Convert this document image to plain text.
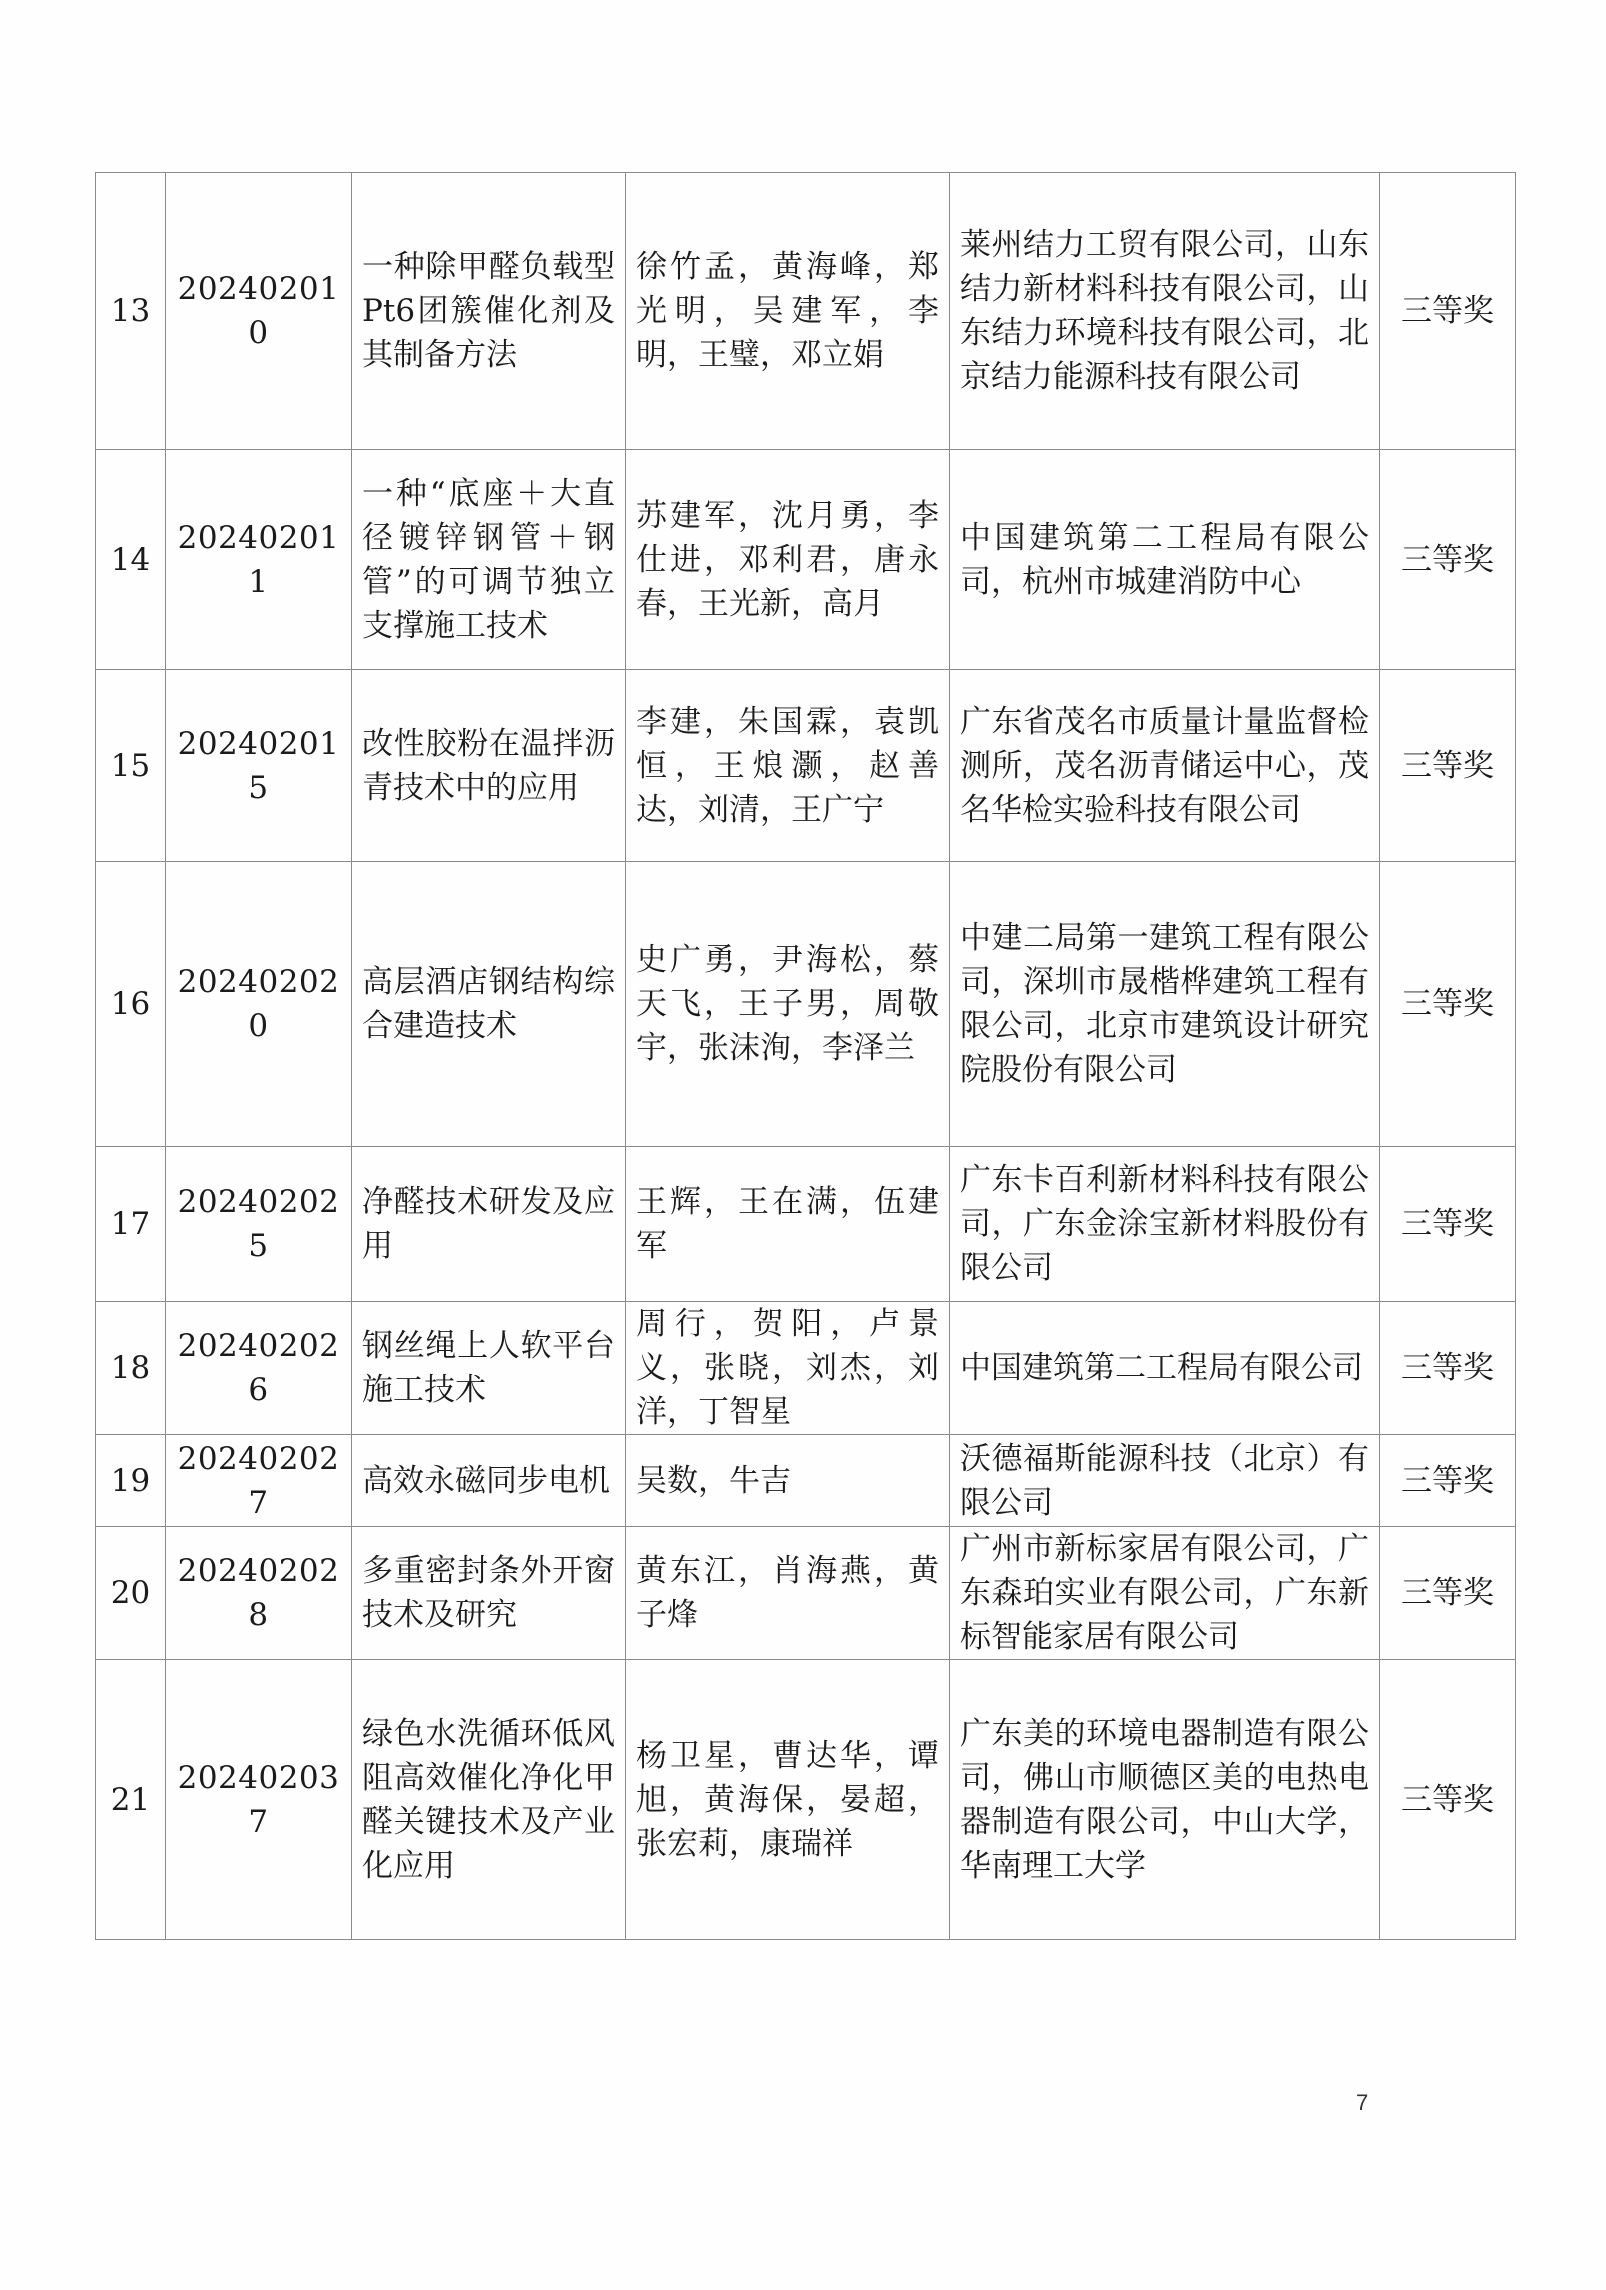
13	202402010	一种除甲醛负载型Pt6团簇催化剂及其制备方法	徐竹孟，黄海峰，郑光明，吴建军，李明，王璧，邓立娟	莱州结力工贸有限公司，山东结力新材料科技有限公司，山东结力环境科技有限公司，北京结力能源科技有限公司	三等奖
14	202402011	一种“底座＋大直径镀锌钢管＋钢管”的可调节独立支撑施工技术	苏建军，沈月勇，李仕进，邓利君，唐永春，王光新，高月	中国建筑第二工程局有限公司，杭州市城建消防中心	三等奖
15	202402015	改性胶粉在温拌沥青技术中的应用	李建，朱国霖，袁凯恒，王烺灏，赵善达，刘清，王广宁	广东省茂名市质量计量监督检测所，茂名沥青储运中心，茂名华检实验科技有限公司	三等奖
16	202402020	高层酒店钢结构综合建造技术	史广勇，尹海松，蔡天飞，王子男，周敬宇，张沫洵，李泽兰	中建二局第一建筑工程有限公司，深圳市晟楷桦建筑工程有限公司，北京市建筑设计研究院股份有限公司	三等奖
17	202402025	净醛技术研发及应用	王辉，王在满，伍建军	广东卡百利新材料科技有限公司，广东金涂宝新材料股份有限公司	三等奖
18	202402026	钢丝绳上人软平台施工技术	周行，贺阳，卢景义，张晓，刘杰，刘洋，丁智星	中国建筑第二工程局有限公司	三等奖
19	202402027	高效永磁同步电机	吴数，牛吉	沃德福斯能源科技（北京）有限公司	三等奖
20	202402028	多重密封条外开窗技术及研究	黄东江，肖海燕，黄子烽	广州市新标家居有限公司，广东森珀实业有限公司，广东新标智能家居有限公司	三等奖
21	202402037	绿色水洗循环低风阻高效催化净化甲醛关键技术及产业化应用	杨卫星，曹达华，谭旭，黄海保，晏超，张宏莉，康瑞祥	广东美的环境电器制造有限公司，佛山市顺德区美的电热电器制造有限公司，中山大学，华南理工大学	三等奖
7
